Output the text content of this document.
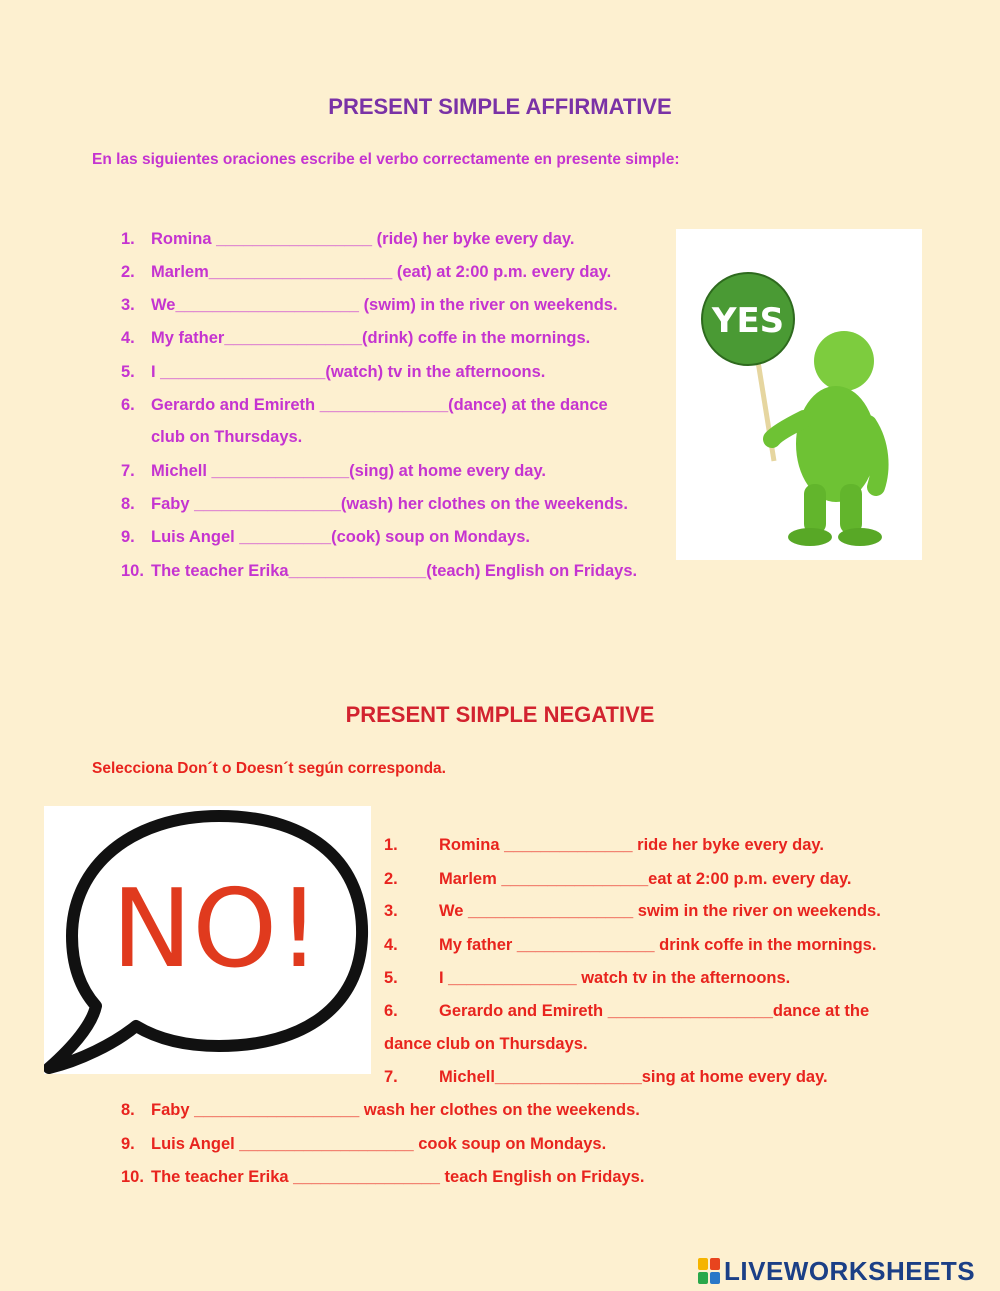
PRESENT SIMPLE AFFIRMATIVE
En las siguientes oraciones escribe el verbo correctamente en presente simple:
1. Romina _________________ (ride) her byke every day.
2. Marlem____________________ (eat) at 2:00 p.m. every day.
3. We____________________ (swim) in the river on weekends.
4. My father_______________(drink) coffe in the mornings.
5. I __________________(watch) tv in the afternoons.
6. Gerardo and Emireth ______________(dance) at the dance
club on Thursdays.
7. Michell _______________(sing) at home every day.
8. Faby ________________(wash) her clothes on the weekends.
9. Luis Angel __________(cook) soup on Mondays.
10. The teacher Erika_______________(teach) English on Fridays.
YES
PRESENT SIMPLE NEGATIVE
Selecciona Don´t o Doesn´t según corresponda.
NO!
1. Romina ______________ ride her byke every day.
2. Marlem ________________eat at 2:00 p.m. every day.
3. We __________________ swim in the river on weekends.
4. My father _______________ drink coffe in the mornings.
5. I ______________ watch tv in the afternoons.
6. Gerardo and Emireth __________________dance at the
dance club on Thursdays.
7. Michell________________sing at home every day.
8. Faby __________________ wash her clothes on the weekends.
9. Luis Angel ___________________ cook soup on Mondays.
10. The teacher Erika ________________ teach English on Fridays.
LIVEWORKSHEETS
